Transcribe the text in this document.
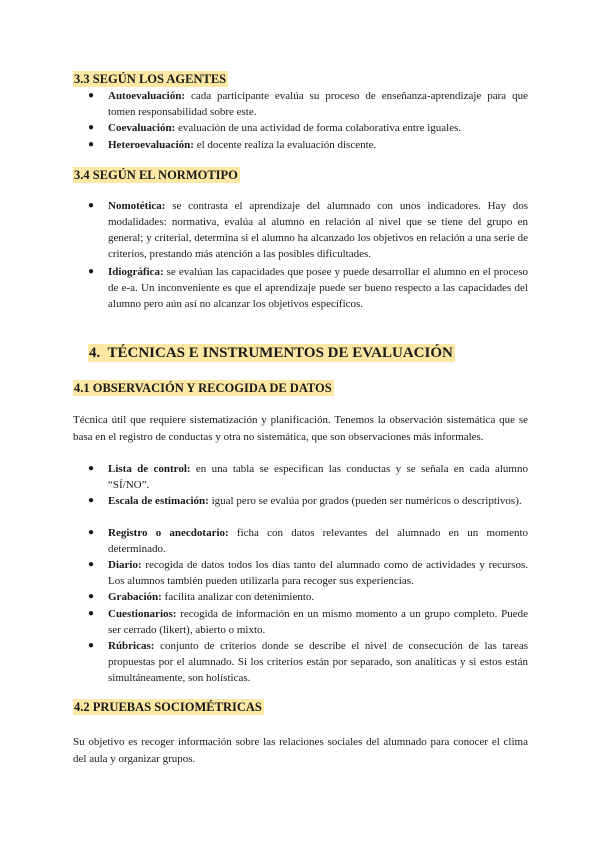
3.3 SEGÚN LOS AGENTES
● Autoevaluación: cada participante evalúa su proceso de enseñanza-aprendizaje para que tomen responsabilidad sobre este.
● Coevaluación: evaluación de una actividad de forma colaborativa entre iguales.
● Heteroevaluación: el docente realiza la evaluación discente.
3.4 SEGÚN EL NORMOTIPO
● Nomotética: se contrasta el aprendizaje del alumnado con unos indicadores. Hay dos modalidades: normativa, evalúa al alumno en relación al nivel que se tiene del grupo en general; y criterial, determina si el alumno ha alcanzado los objetivos en relación a una serie de criterios, prestando más atención a las posibles dificultades.
● Idiográfica: se evalúan las capacidades que posee y puede desarrollar el alumno en el proceso de e-a. Un inconveniente es que el aprendizaje puede ser bueno respecto a las capacidades del alumno pero aún así no alcanzar los objetivos específicos.
4.  TÉCNICAS E INSTRUMENTOS DE EVALUACIÓN
4.1 OBSERVACIÓN Y RECOGIDA DE DATOS

Técnica útil que requiere sistematización y planificación. Tenemos la observación sistemática que se basa en el registro de conductas y otra no sistemática, que son observaciones más informales.

● Lista de control: en una tabla se especifican las conductas y se señala en cada alumno “SÍ/NO”.
● Escala de estimación: igual pero se evalúa por grados (pueden ser numéricos o descriptivos).
● Registro o anecdotario: ficha con datos relevantes del alumnado en un momento determinado.
● Diario: recogida de datos todos los días tanto del alumnado como de actividades y recursos. Los alumnos también pueden utilizarla para recoger sus experiencias.
● Grabación: facilita analizar con detenimiento.
● Cuestionarios: recogida de información en un mismo momento a un grupo completo. Puede ser cerrado (likert), abierto o mixto.
● Rúbricas: conjunto de criterios donde se describe el nivel de consecución de las tareas propuestas por el alumnado. Si los criterios están por separado, son analíticas y si estos están simultáneamente, son holísticas.
4.2 PRUEBAS SOCIOMÉTRICAS

Su objetivo es recoger información sobre las relaciones sociales del alumnado para conocer el clima del aula y organizar grupos.
